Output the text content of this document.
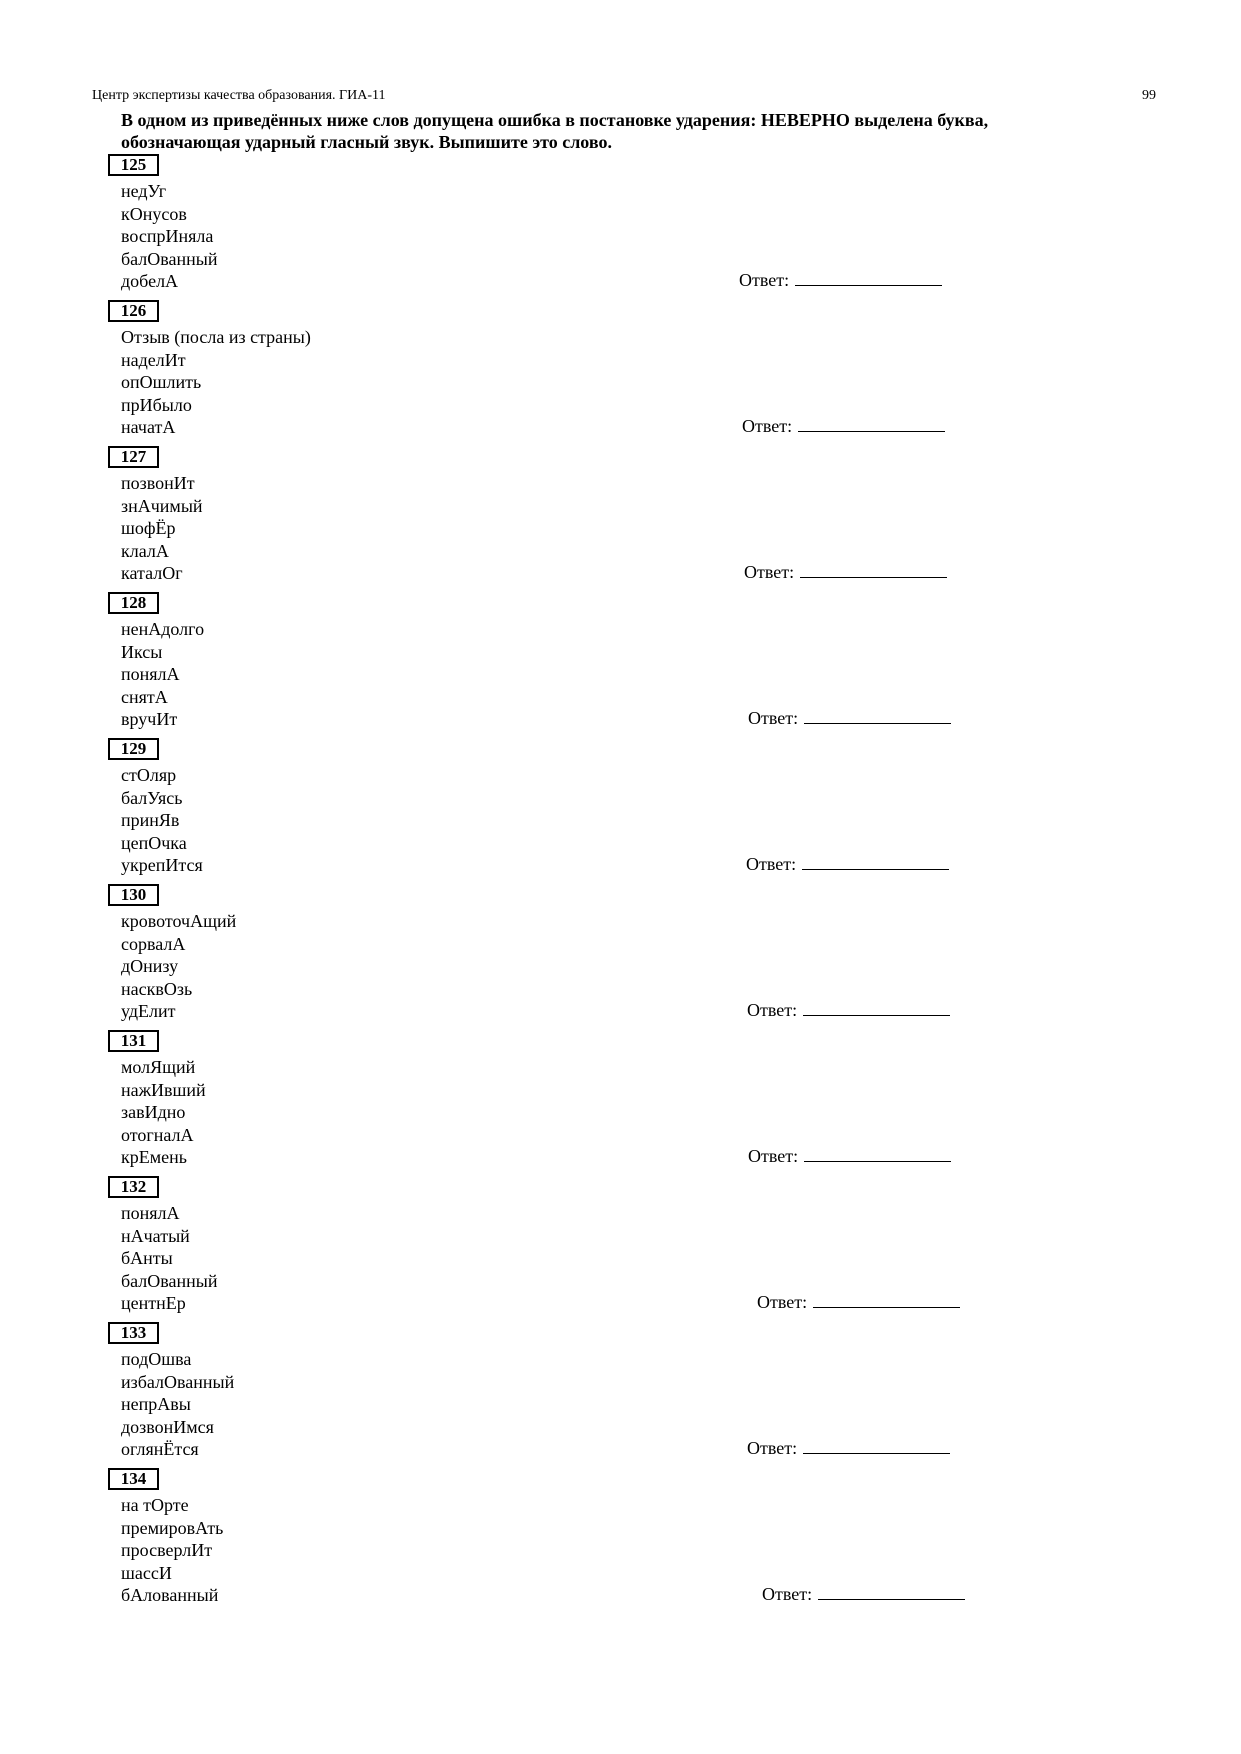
Центр экспертизы качества образования. ГИА-11	99
В одном из приведённых ниже слов допущена ошибка в постановке ударения: НЕВЕРНО выделена буква, обозначающая ударный гласный звук. Выпишите это слово.
125
недУг
кОнусов
воспрИняла
балОванный
добелА	Ответ:
126
Отзыв (посла из страны)
наделИт
опОшлить
прИбыло
начатА	Ответ:
127
позвонИт
знАчимый
шофЁр
клалА
каталОг	Ответ:
128
ненАдолго
Иксы
понялА
снятА
вручИт	Ответ:
129
стОляр
балУясь
принЯв
цепОчка
укрепИтся	Ответ:
130
кровоточАщий
сорвалА
дОнизу
насквОзь
удЕлит	Ответ:
131
молЯщий
нажИвший
завИдно
отогналА
крЕмень	Ответ:
132
понялА
нАчатый
бАнты
балОванный
центнЕр	Ответ:
133
подОшва
избалОванный
непрАвы
дозвонИмся
оглянЁтся	Ответ:
134
на тОрте
премировАть
просверлИт
шассИ
бАлованный	Ответ:
